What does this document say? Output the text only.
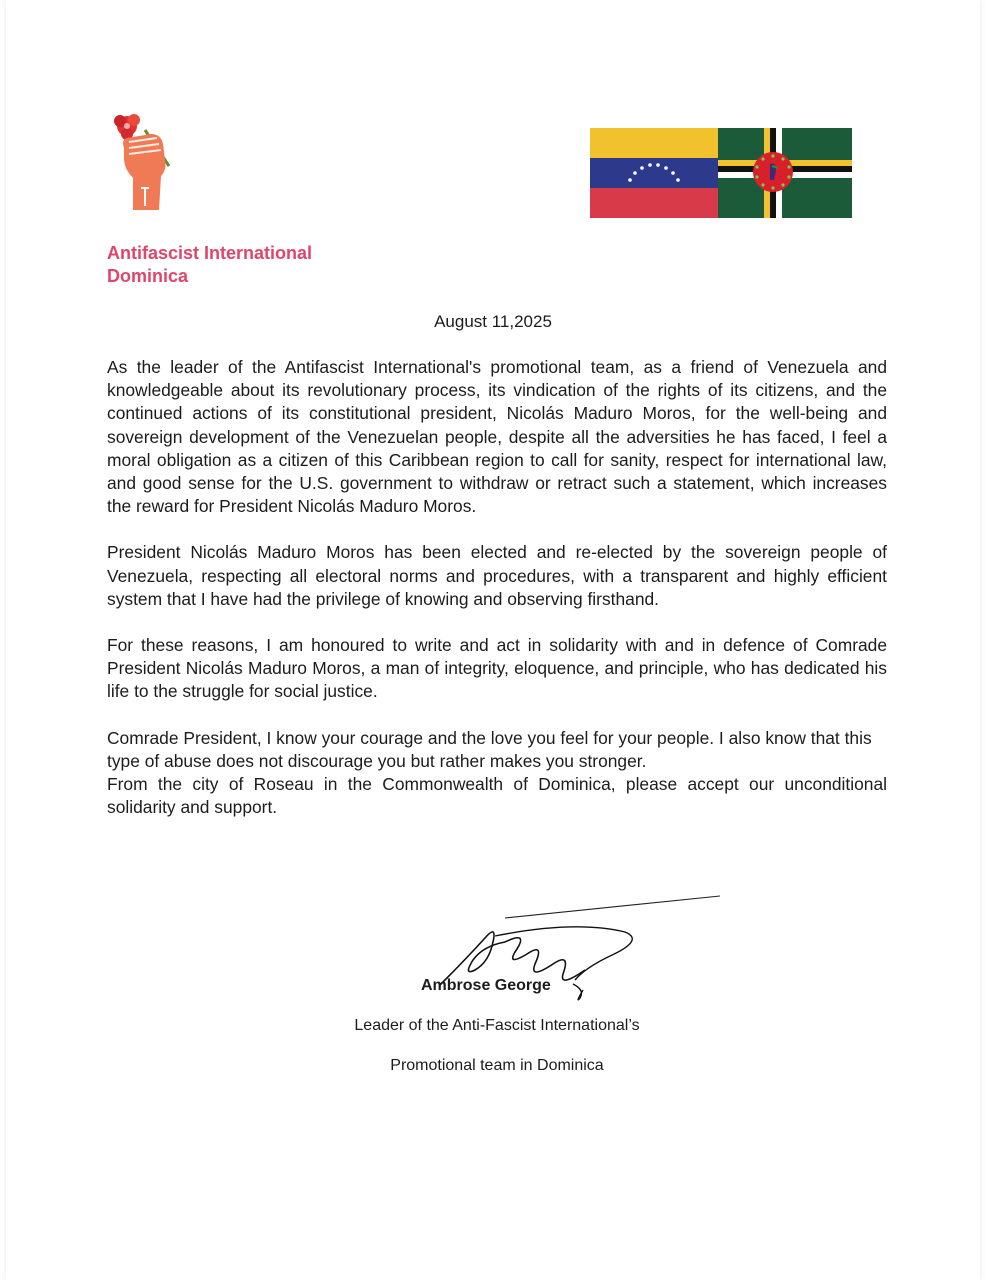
Antifascist International
Dominica
August 11,2025

As the leader of the Antifascist International's promotional team, as a friend of Venezuela and knowledgeable about its revolutionary process, its vindication of the rights of its citizens, and the continued actions of its constitutional president, Nicolás Maduro Moros, for the well-being and sovereign development of the Venezuelan people, despite all the adversities he has faced, I feel a moral obligation as a citizen of this Caribbean region to call for sanity, respect for international law, and good sense for the U.S. government to withdraw or retract such a statement, which increases the reward for President Nicolás Maduro Moros.

President Nicolás Maduro Moros has been elected and re-elected by the sovereign people of Venezuela, respecting all electoral norms and procedures, with a transparent and highly efficient system that I have had the privilege of knowing and observing firsthand.

For these reasons, I am honoured to write and act in solidarity with and in defence of Comrade President Nicolás Maduro Moros, a man of integrity, eloquence, and principle, who has dedicated his life to the struggle for social justice.

Comrade President, I know your courage and the love you feel for your people. I also know that this type of abuse does not discourage you but rather makes you stronger.

From the city of Roseau in the Commonwealth of Dominica, please accept our unconditional solidarity and support.

Ambrose George
Leader of the Anti-Fascist International’s
Promotional team in Dominica
